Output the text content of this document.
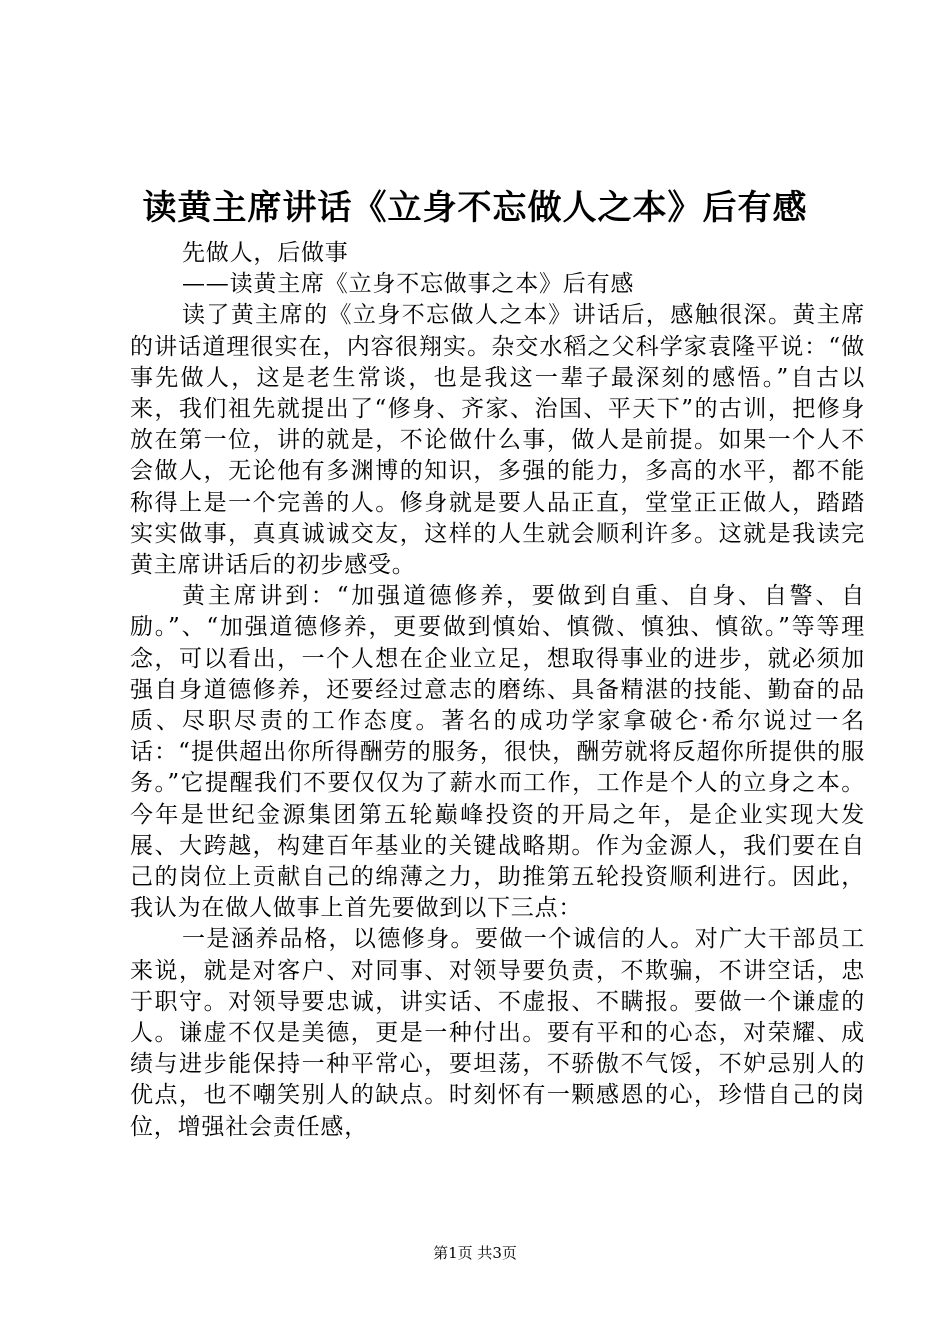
读黄主席讲话《立身不忘做人之本》后有感

先做人，后做事

——读黄主席《立身不忘做事之本》后有感

读了黄主席的《立身不忘做人之本》讲话后，感触很深。黄主席的讲话道理很实在，内容很翔实。杂交水稻之父科学家袁隆平说：“做事先做人，这是老生常谈，也是我这一辈子最深刻的感悟。”自古以来，我们祖先就提出了“修身、齐家、治国、平天下”的古训，把修身放在第一位，讲的就是，不论做什么事，做人是前提。如果一个人不会做人，无论他有多渊博的知识，多强的能力，多高的水平，都不能称得上是一个完善的人。修身就是要人品正直，堂堂正正做人，踏踏实实做事，真真诚诚交友，这样的人生就会顺利许多。这就是我读完黄主席讲话后的初步感受。

黄主席讲到：“加强道德修养，要做到自重、自身、自警、自励。”、“加强道德修养，更要做到慎始、慎微、慎独、慎欲。”等等理念，可以看出，一个人想在企业立足，想取得事业的进步，就必须加强自身道德修养，还要经过意志的磨练、具备精湛的技能、勤奋的品质、尽职尽责的工作态度。著名的成功学家拿破仑·希尔说过一名话：“提供超出你所得酬劳的服务，很快，酬劳就将反超你所提供的服务。”它提醒我们不要仅仅为了薪水而工作，工作是个人的立身之本。今年是世纪金源集团第五轮巅峰投资的开局之年，是企业实现大发展、大跨越，构建百年基业的关键战略期。作为金源人，我们要在自己的岗位上贡献自己的绵薄之力，助推第五轮投资顺利进行。因此，我认为在做人做事上首先要做到以下三点：

一是涵养品格，以德修身。要做一个诚信的人。对广大干部员工来说，就是对客户、对同事、对领导要负责，不欺骗，不讲空话，忠于职守。对领导要忠诚，讲实话、不虚报、不瞒报。要做一个谦虚的人。谦虚不仅是美德，更是一种付出。要有平和的心态，对荣耀、成绩与进步能保持一种平常心，要坦荡，不骄傲不气馁，不妒忌别人的优点，也不嘲笑别人的缺点。时刻怀有一颗感恩的心，珍惜自己的岗位，增强社会责任感，

第1页 共3页
